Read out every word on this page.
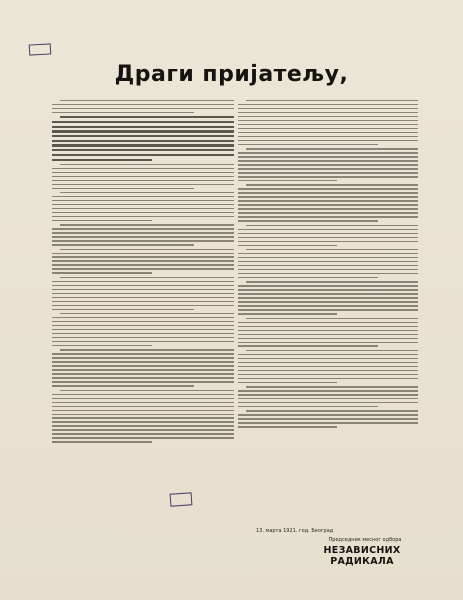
Драги пријатељу,
13. марта 1921. год. Београд
Председник месног одбора
НЕЗАВИСНИХ РАДИКАЛА
